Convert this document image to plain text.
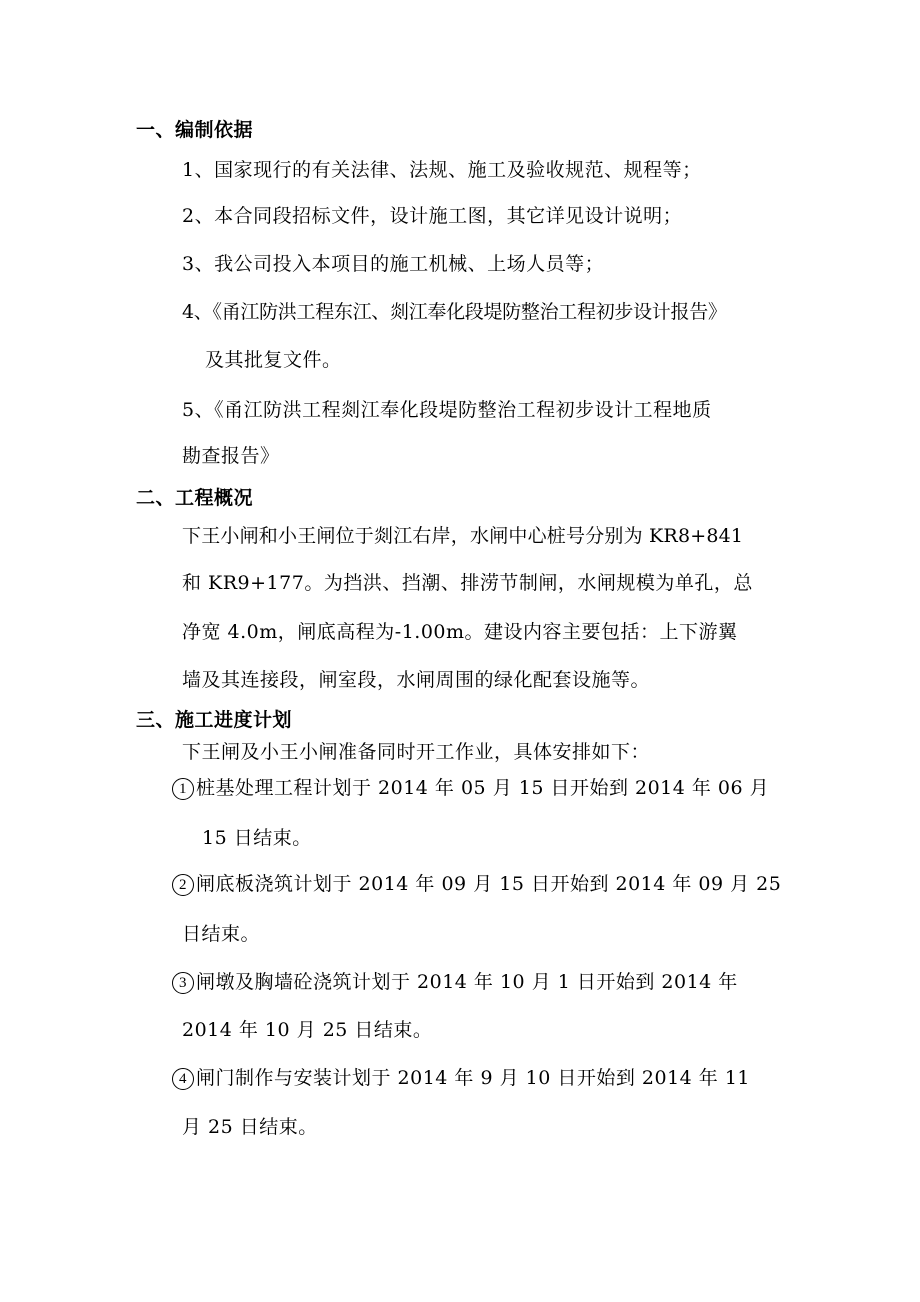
一、编制依据
1、国家现行的有关法律、法规、施工及验收规范、规程等；
2、本合同段招标文件，设计施工图，其它详见设计说明；
3、我公司投入本项目的施工机械、上场人员等；
4、《甬江防洪工程东江、剡江奉化段堤防整治工程初步设计报告》
及其批复文件。
5、《甬江防洪工程剡江奉化段堤防整治工程初步设计工程地质
勘查报告》
二、工程概况
下王小闸和小王闸位于剡江右岸，水闸中心桩号分别为 KR8+841
和 KR9+177。为挡洪、挡潮、排涝节制闸，水闸规模为单孔，总
净宽 4.0m，闸底高程为-1.00m。建设内容主要包括：上下游翼
墙及其连接段，闸室段，水闸周围的绿化配套设施等。
三、施工进度计划
下王闸及小王小闸准备同时开工作业，具体安排如下：
1 桩基处理工程计划于 2014 年 05 月 15 日开始到 2014 年 06 月
15 日结束。
2 闸底板浇筑计划于 2014 年 09 月 15 日开始到 2014 年 09 月 25
日结束。
3 闸墩及胸墙砼浇筑计划于 2014 年 10 月 1 日开始到 2014 年
2014 年 10 月 25 日结束。
4 闸门制作与安装计划于 2014 年 9 月 10 日开始到 2014 年 11
月 25 日结束。
